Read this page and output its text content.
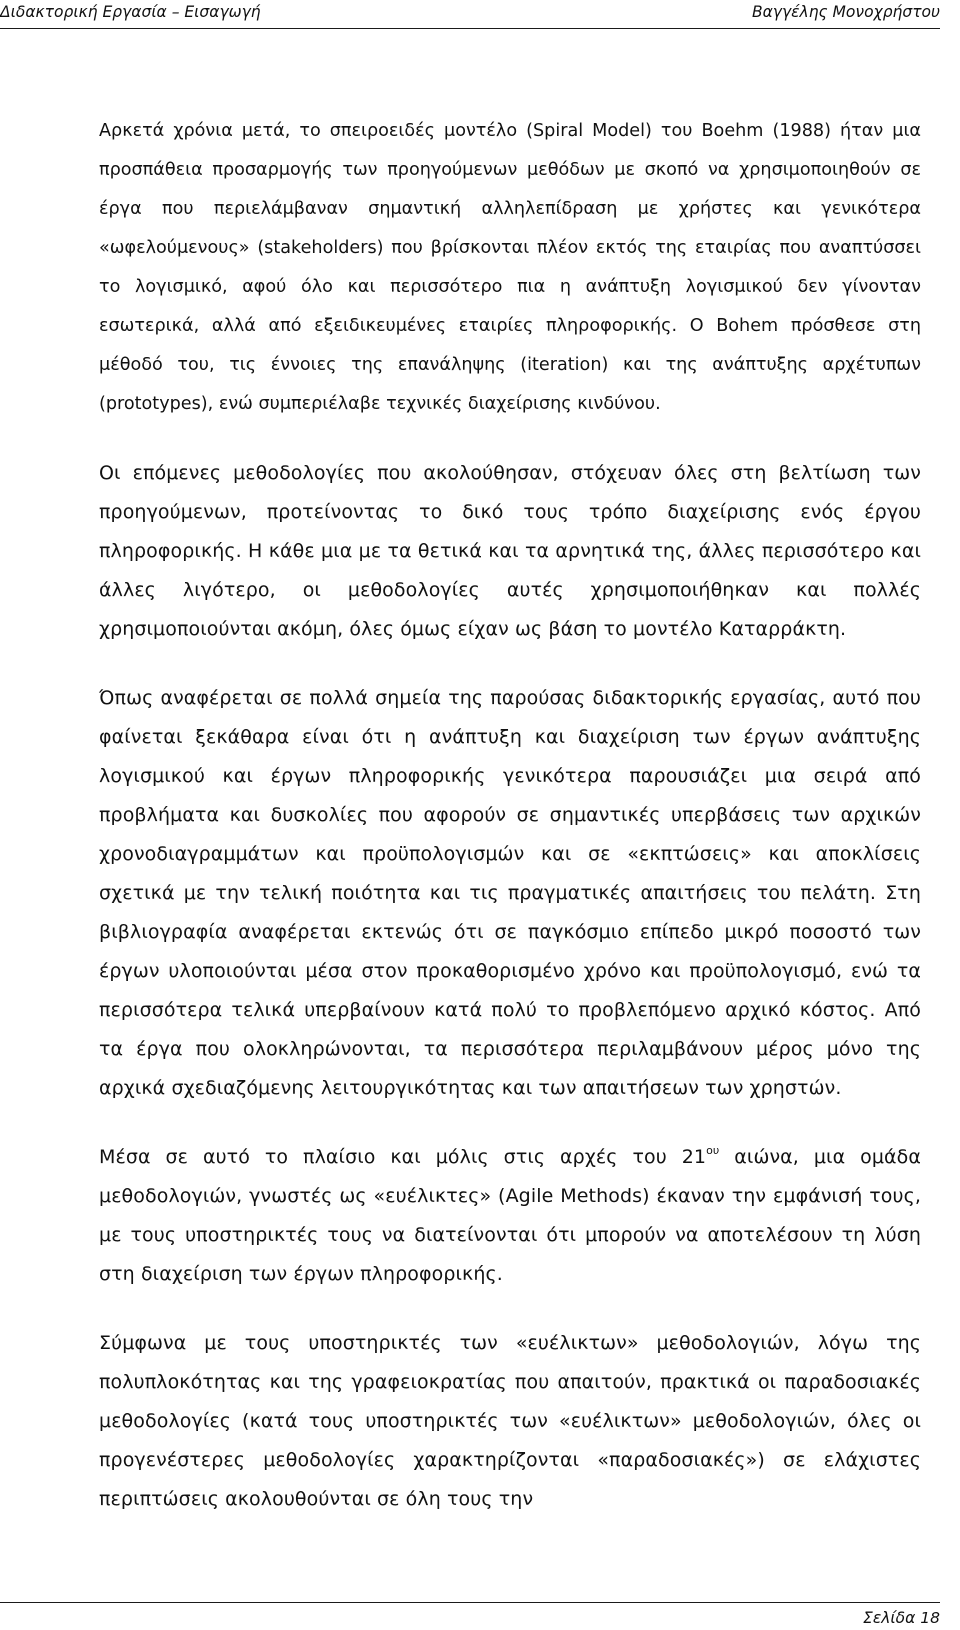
Διδακτορική Εργασία – Εισαγωγή	Βαγγέλης Μονοχρήστου

Αρκετά χρόνια μετά, το σπειροειδές μοντέλο (Spiral Model) του Boehm (1988) ήταν μια προσπάθεια προσαρμογής των προηγούμενων μεθόδων με σκοπό να χρησιμοποιηθούν σε έργα που περιελάμβαναν σημαντική αλληλεπίδραση με χρήστες και γενικότερα «ωφελούμενους» (stakeholders) που βρίσκονται πλέον εκτός της εταιρίας που αναπτύσσει το λογισμικό, αφού όλο και περισσότερο πια η ανάπτυξη λογισμικού δεν γίνονταν εσωτερικά, αλλά από εξειδικευμένες εταιρίες πληροφορικής. Ο Bohem πρόσθεσε στη μέθοδό του, τις έννοιες της επανάληψης (iteration) και της ανάπτυξης αρχέτυπων (prototypes), ενώ συμπεριέλαβε τεχνικές διαχείρισης κινδύνου.

Οι επόμενες μεθοδολογίες που ακολούθησαν, στόχευαν όλες στη βελτίωση των προηγούμενων, προτείνοντας το δικό τους τρόπο διαχείρισης ενός έργου πληροφορικής. Η κάθε μια με τα θετικά και τα αρνητικά της, άλλες περισσότερο και άλλες λιγότερο, οι μεθοδολογίες αυτές χρησιμοποιήθηκαν και πολλές χρησιμοποιούνται ακόμη, όλες όμως είχαν ως βάση το μοντέλο Καταρράκτη.

Όπως αναφέρεται σε πολλά σημεία της παρούσας διδακτορικής εργασίας, αυτό που φαίνεται ξεκάθαρα είναι ότι η ανάπτυξη και διαχείριση των έργων ανάπτυξης λογισμικού και έργων πληροφορικής γενικότερα παρουσιάζει μια σειρά από προβλήματα και δυσκολίες που αφορούν σε σημαντικές υπερβάσεις των αρχικών χρονοδιαγραμμάτων και προϋπολογισμών και σε «εκπτώσεις» και αποκλίσεις σχετικά με την τελική ποιότητα και τις πραγματικές απαιτήσεις του πελάτη. Στη βιβλιογραφία αναφέρεται εκτενώς ότι σε παγκόσμιο επίπεδο μικρό ποσοστό των έργων υλοποιούνται μέσα στον προκαθορισμένο χρόνο και προϋπολογισμό, ενώ τα περισσότερα τελικά υπερβαίνουν κατά πολύ το προβλεπόμενο αρχικό κόστος. Από τα έργα που ολοκληρώνονται, τα περισσότερα περιλαμβάνουν μέρος μόνο της αρχικά σχεδιαζόμενης λειτουργικότητας και των απαιτήσεων των χρηστών.

Μέσα σε αυτό το πλαίσιο και μόλις στις αρχές του $21^{o\upsilon}$ αιώνα, μια ομάδα μεθοδολογιών, γνωστές ως «ευέλικτες» (Agile Methods) έκαναν την εμφάνισή τους, με τους υποστηρικτές τους να διατείνονται ότι μπορούν να αποτελέσουν τη λύση στη διαχείριση των έργων πληροφορικής.

Σύμφωνα με τους υποστηρικτές των «ευέλικτων» μεθοδολογιών, λόγω της πολυπλοκότητας και της γραφειοκρατίας που απαιτούν, πρακτικά οι παραδοσιακές μεθοδολογίες (κατά τους υποστηρικτές των «ευέλικτων» μεθοδολογιών, όλες οι προγενέστερες μεθοδολογίες χαρακτηρίζονται «παραδοσιακές») σε ελάχιστες περιπτώσεις ακολουθούνται σε όλη τους την

Σελίδα 18
